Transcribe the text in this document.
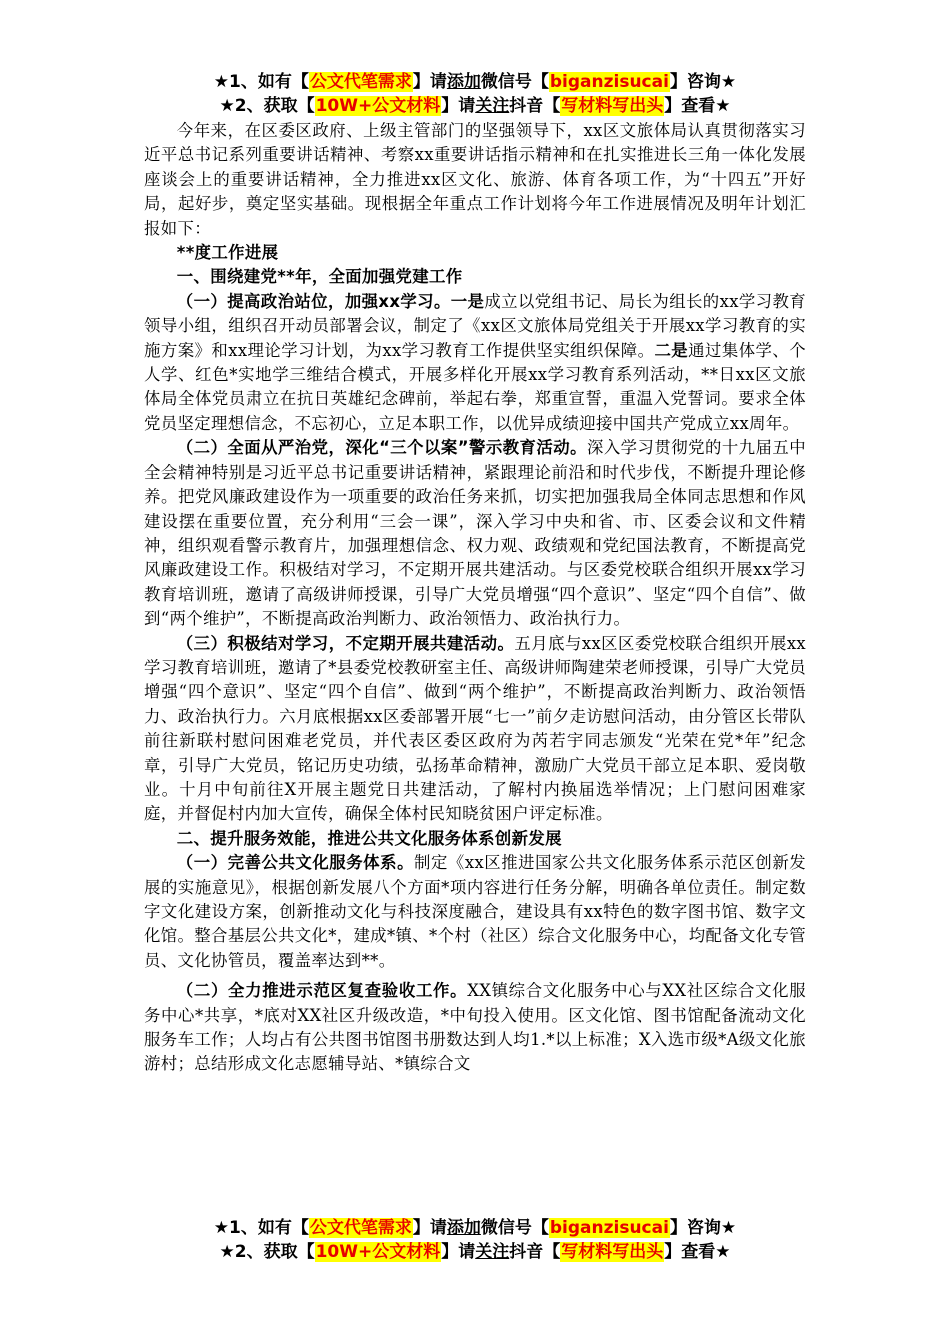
★1、如有【公文代笔需求】请添加微信号【biganzisucai】咨询★
★2、获取【10W+公文材料】请关注抖音【写材料写出头】查看★

今年来，在区委区政府、上级主管部门的坚强领导下，xx区文旅体局认真贯彻落实习近平总书记系列重要讲话精神、考察xx重要讲话指示精神和在扎实推进长三角一体化发展座谈会上的重要讲话精神，全力推进xx区文化、旅游、体育各项工作，为“十四五”开好局，起好步，奠定坚实基础。现根据全年重点工作计划将今年工作进展情况及明年计划汇报如下：

**度工作进展

一、围绕建党**年，全面加强党建工作

（一）提高政治站位，加强xx学习。一是成立以党组书记、局长为组长的xx学习教育领导小组，组织召开动员部署会议，制定了《xx区文旅体局党组关于开展xx学习教育的实施方案》和xx理论学习计划，为xx学习教育工作提供坚实组织保障。二是通过集体学、个人学、红色*实地学三维结合模式，开展多样化开展xx学习教育系列活动，**日xx区文旅体局全体党员肃立在抗日英雄纪念碑前，举起右拳，郑重宣誓，重温入党誓词。要求全体党员坚定理想信念，不忘初心，立足本职工作，以优异成绩迎接中国共产党成立xx周年。

（二）全面从严治党，深化“三个以案”警示教育活动。深入学习贯彻党的十九届五中全会精神特别是习近平总书记重要讲话精神，紧跟理论前沿和时代步伐，不断提升理论修养。把党风廉政建设作为一项重要的政治任务来抓，切实把加强我局全体同志思想和作风建设摆在重要位置，充分利用“三会一课”，深入学习中央和省、市、区委会议和文件精神，组织观看警示教育片，加强理想信念、权力观、政绩观和党纪国法教育，不断提高党风廉政建设工作。积极结对学习，不定期开展共建活动。与区委党校联合组织开展xx学习教育培训班，邀请了高级讲师授课，引导广大党员增强“四个意识”、坚定“四个自信”、做到“两个维护”，不断提高政治判断力、政治领悟力、政治执行力。

（三）积极结对学习，不定期开展共建活动。五月底与xx区区委党校联合组织开展xx学习教育培训班，邀请了*县委党校教研室主任、高级讲师陶建荣老师授课，引导广大党员增强“四个意识”、坚定“四个自信”、做到“两个维护”，不断提高政治判断力、政治领悟力、政治执行力。六月底根据xx区委部署开展“七一”前夕走访慰问活动，由分管区长带队前往新联村慰问困难老党员，并代表区委区政府为芮若宇同志颁发“光荣在党*年”纪念章，引导广大党员，铭记历史功绩，弘扬革命精神，激励广大党员干部立足本职、爱岗敬业。十月中旬前往X开展主题党日共建活动，了解村内换届选举情况；上门慰问困难家庭，并督促村内加大宣传，确保全体村民知晓贫困户评定标准。

二、提升服务效能，推进公共文化服务体系创新发展

（一）完善公共文化服务体系。制定《xx区推进国家公共文化服务体系示范区创新发展的实施意见》，根据创新发展八个方面*项内容进行任务分解，明确各单位责任。制定数字文化建设方案，创新推动文化与科技深度融合，建设具有xx特色的数字图书馆、数字文化馆。整合基层公共文化*，建成*镇、*个村（社区）综合文化服务中心，均配备文化专管员、文化协管员，覆盖率达到**。

（二）全力推进示范区复查验收工作。XX镇综合文化服务中心与XX社区综合文化服务中心*共享，*底对XX社区升级改造，*中旬投入使用。区文化馆、图书馆配备流动文化服务车工作；人均占有公共图书馆图书册数达到人均1.*以上标准；X入选市级*A级文化旅游村；总结形成文化志愿辅导站、*镇综合文

★1、如有【公文代笔需求】请添加微信号【biganzisucai】咨询★
★2、获取【10W+公文材料】请关注抖音【写材料写出头】查看★
